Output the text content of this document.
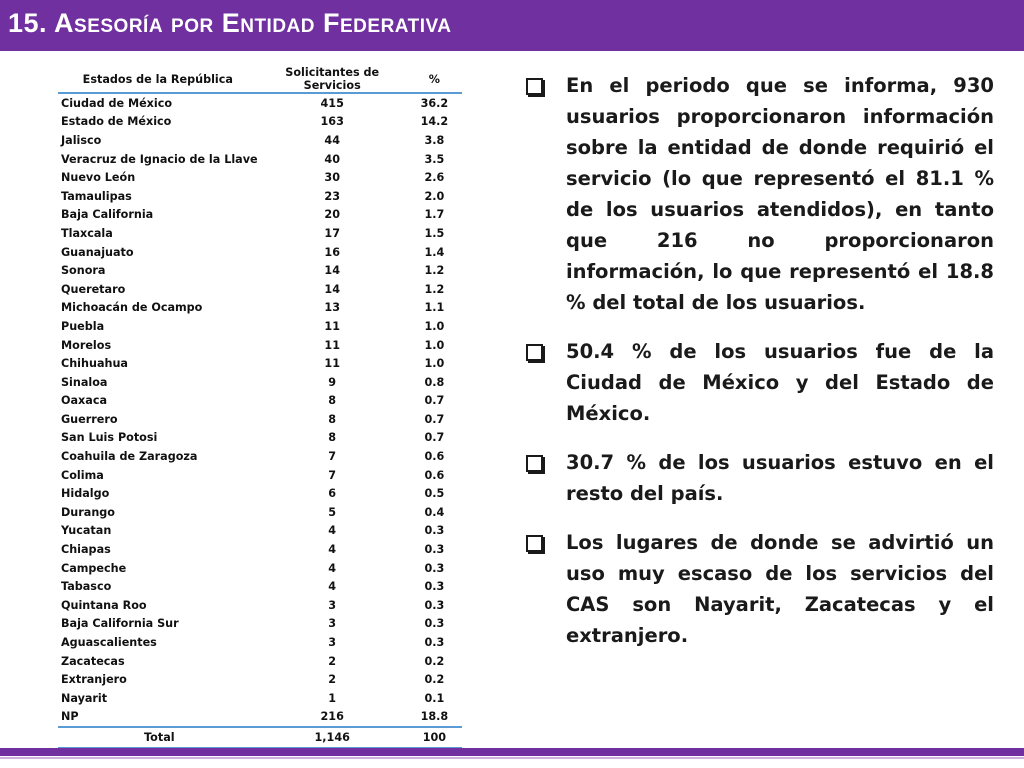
15. Asesoría por Entidad Federativa
Estados de la República	Solicitantes de Servicios	%
Ciudad de México	415	36.2
Estado de México	163	14.2
Jalisco	44	3.8
Veracruz de Ignacio de la Llave	40	3.5
Nuevo León	30	2.6
Tamaulipas	23	2.0
Baja California	20	1.7
Tlaxcala	17	1.5
Guanajuato	16	1.4
Sonora	14	1.2
Queretaro	14	1.2
Michoacán de Ocampo	13	1.1
Puebla	11	1.0
Morelos	11	1.0
Chihuahua	11	1.0
Sinaloa	9	0.8
Oaxaca	8	0.7
Guerrero	8	0.7
San Luis Potosi	8	0.7
Coahuila de Zaragoza	7	0.6
Colima	7	0.6
Hidalgo	6	0.5
Durango	5	0.4
Yucatan	4	0.3
Chiapas	4	0.3
Campeche	4	0.3
Tabasco	4	0.3
Quintana Roo	3	0.3
Baja California Sur	3	0.3
Aguascalientes	3	0.3
Zacatecas	2	0.2
Extranjero	2	0.2
Nayarit	1	0.1
NP	216	18.8
Total	1,146	100

En el periodo que se informa, 930 usuarios proporcionaron información sobre la entidad de donde requirió el servicio (lo que representó el 81.1 % de los usuarios atendidos), en tanto que 216 no proporcionaron información, lo que representó el 18.8 % del total de los usuarios.

50.4 % de los usuarios fue de la Ciudad de México y del Estado de México.

30.7 % de los usuarios estuvo en el resto del país.

Los lugares de donde se advirtió un uso muy escaso de los servicios del CAS son Nayarit, Zacatecas y el extranjero.
